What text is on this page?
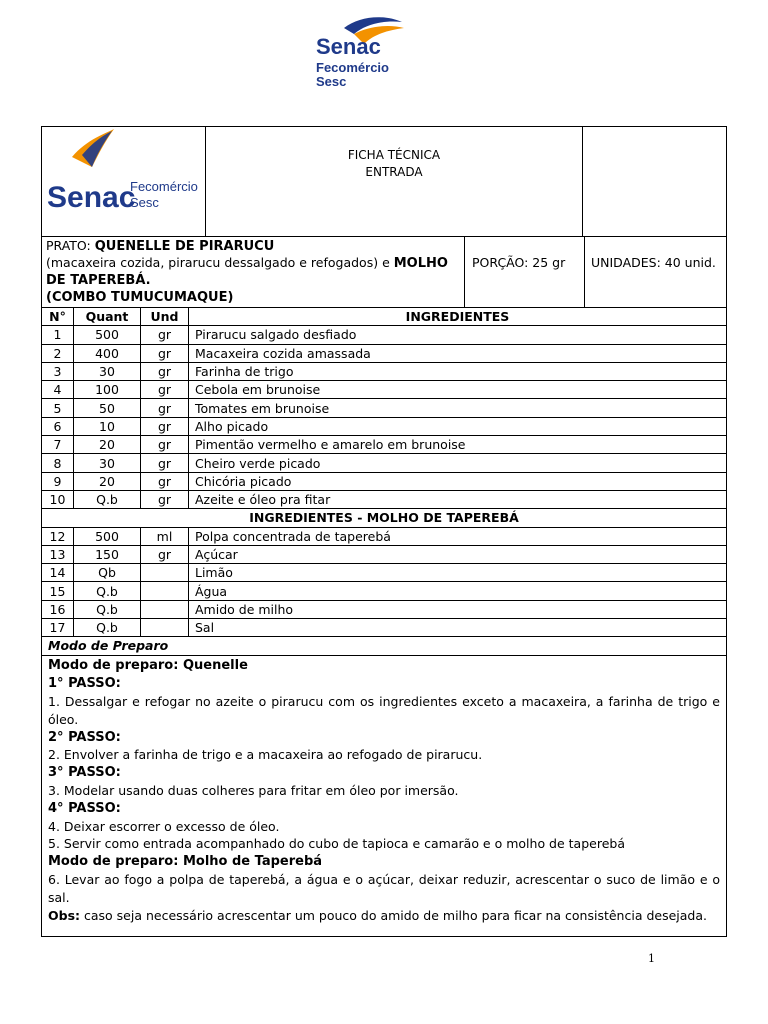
Senac
Fecomércio
Sesc
Senac
Fecomércio
Sesc
FICHA TÉCNICA
ENTRADA
PRATO: QUENELLE DE PIRARUCU
(macaxeira cozida, pirarucu dessalgado e refogados) e MOLHO DE TAPEREBÁ.
(COMBO TUMUCUMAQUE)
PORÇÃO: 25 gr	UNIDADES: 40 unid.
N°	Quant	Und	INGREDIENTES
1	500	gr	Pirarucu salgado desfiado
2	400	gr	Macaxeira cozida amassada
3	30	gr	Farinha de trigo
4	100	gr	Cebola em brunoise
5	50	gr	Tomates em brunoise
6	10	gr	Alho picado
7	20	gr	Pimentão vermelho e amarelo em brunoise
8	30	gr	Cheiro verde picado
9	20	gr	Chicória picado
10	Q.b	gr	Azeite e óleo pra fitar
INGREDIENTES - MOLHO DE TAPEREBÁ			
12	500	ml	Polpa concentrada de taperebá
13	150	gr	Açúcar
14	Qb		Limão
15	Q.b		Água
16	Q.b		Amido de milho
17	Q.b		Sal
Modo de Preparo
Modo de preparo: Quenelle
1° PASSO:
1. Dessalgar e refogar no azeite o pirarucu com os ingredientes exceto a macaxeira, a farinha de trigo e óleo.
2° PASSO:
2. Envolver a farinha de trigo e a macaxeira ao refogado de pirarucu.
3° PASSO:
3. Modelar usando duas colheres para fritar em óleo por imersão.
4° PASSO:
4. Deixar escorrer o excesso de óleo.
5. Servir como entrada acompanhado do cubo de tapioca e camarão e o molho de taperebá
Modo de preparo: Molho de Taperebá
6. Levar ao fogo a polpa de taperebá, a água e o açúcar, deixar reduzir, acrescentar o suco de limão e o sal.
Obs: caso seja necessário acrescentar um pouco do amido de milho para ficar na consistência desejada.
1
